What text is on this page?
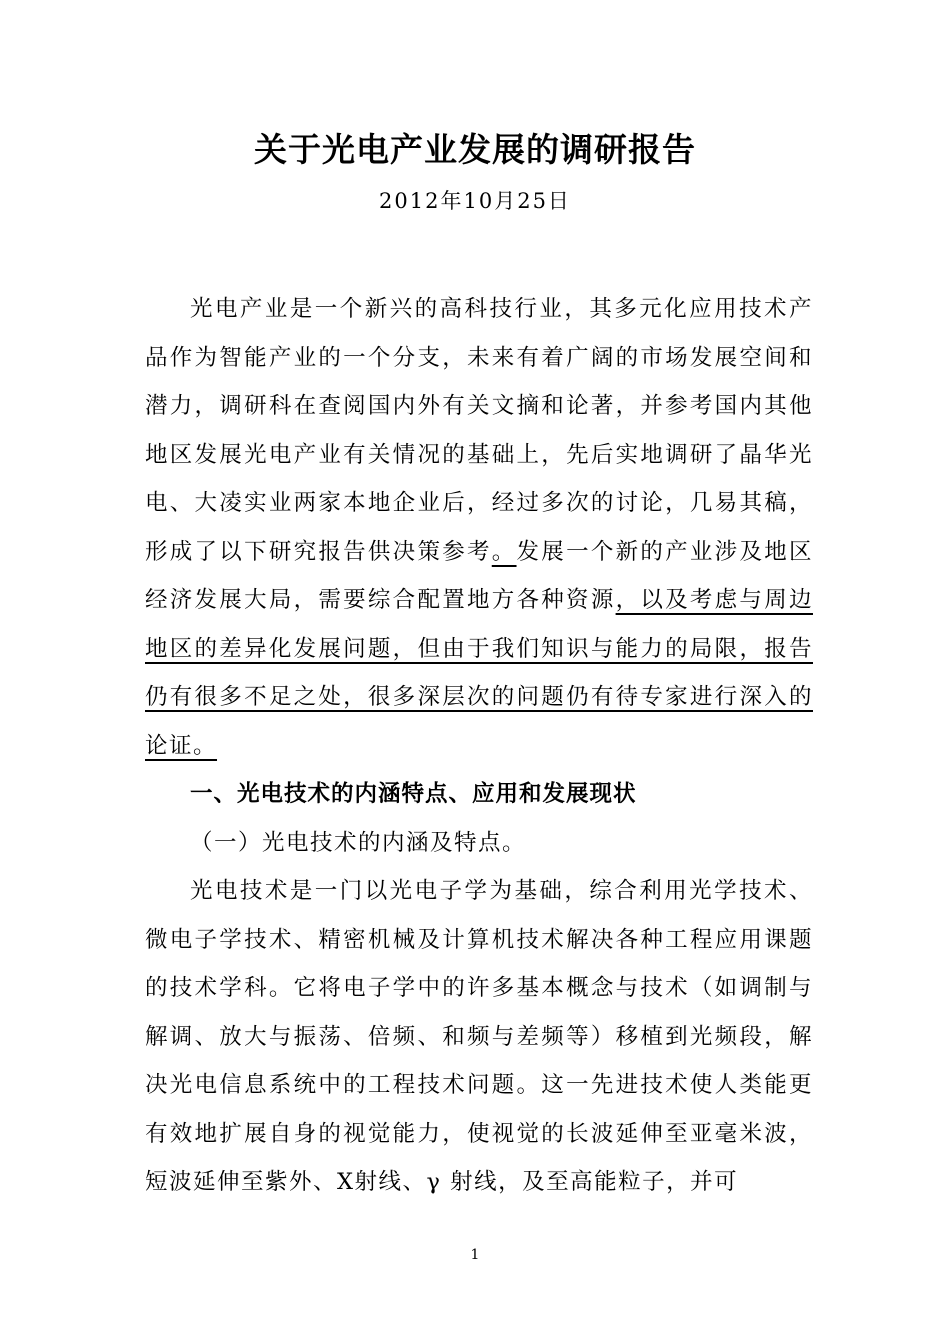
关于光电产业发展的调研报告
2012年10月25日

光电产业是一个新兴的高科技行业，其多元化应用技术产品作为智能产业的一个分支，未来有着广阔的市场发展空间和潜力，调研科在查阅国内外有关文摘和论著，并参考国内其他地区发展光电产业有关情况的基础上，先后实地调研了晶华光电、大凌实业两家本地企业后，经过多次的讨论，几易其稿，形成了以下研究报告供决策参考。发展一个新的产业涉及地区经济发展大局，需要综合配置地方各种资源，以及考虑与周边地区的差异化发展问题，但由于我们知识与能力的局限，报告仍有很多不足之处，很多深层次的问题仍有待专家进行深入的论证。

一、光电技术的内涵特点、应用和发展现状

（一）光电技术的内涵及特点。

光电技术是一门以光电子学为基础，综合利用光学技术、微电子学技术、精密机械及计算机技术解决各种工程应用课题的技术学科。它将电子学中的许多基本概念与技术（如调制与解调、放大与振荡、倍频、和频与差频等）移植到光频段，解决光电信息系统中的工程技术问题。这一先进技术使人类能更有效地扩展自身的视觉能力，使视觉的长波延伸至亚毫米波，短波延伸至紫外、X射线、γ 射线，及至高能粒子，并可

1
